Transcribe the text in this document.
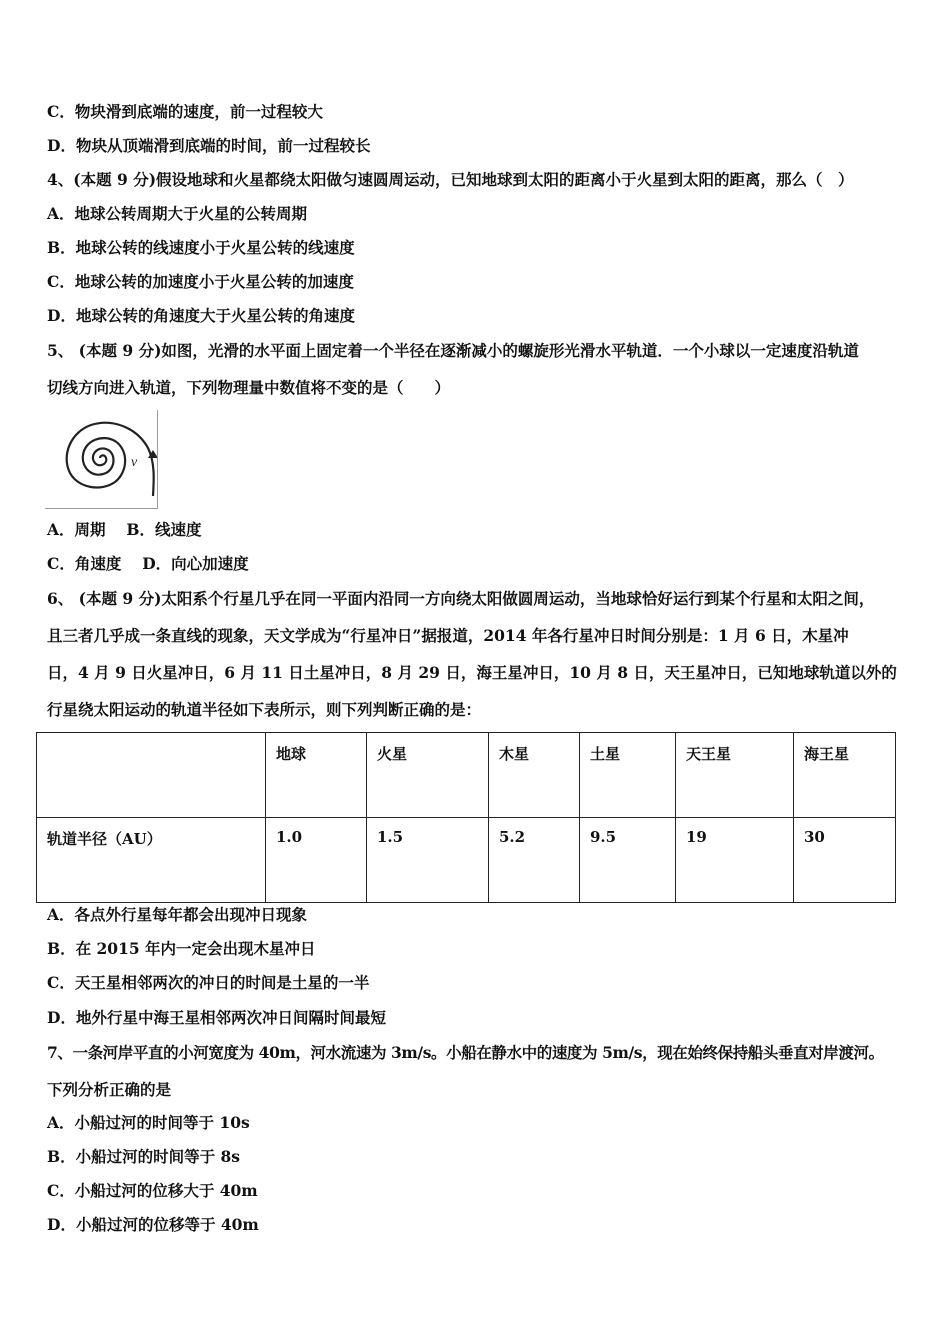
C．物块滑到底端的速度，前一过程较大
D．物块从顶端滑到底端的时间，前一过程较长
4、(本题 9 分)假设地球和火星都绕太阳做匀速圆周运动，已知地球到太阳的距离小于火星到太阳的距离，那么（　）
A．地球公转周期大于火星的公转周期
B．地球公转的线速度小于火星公转的线速度
C．地球公转的加速度小于火星公转的加速度
D．地球公转的角速度大于火星公转的角速度
5、 (本题 9 分)如图，光滑的水平面上固定着一个半径在逐渐减小的螺旋形光滑水平轨道．一个小球以一定速度沿轨道
切线方向进入轨道，下列物理量中数值将不变的是（　　）
v
A．周期　 B．线速度
C．角速度　 D．向心加速度
6、 (本题 9 分)太阳系个行星几乎在同一平面内沿同一方向绕太阳做圆周运动，当地球恰好运行到某个行星和太阳之间，
且三者几乎成一条直线的现象，天文学成为“行星冲日”据报道，2014 年各行星冲日时间分别是：1 月 6 日，木星冲
日，4 月 9 日火星冲日，6 月 11 日土星冲日，8 月 29 日，海王星冲日，10 月 8 日，天王星冲日，已知地球轨道以外的
行星绕太阳运动的轨道半径如下表所示，则下列判断正确的是：
	地球	火星	木星	土星	天王星	海王星
轨道半径（AU）	1.0	1.5	5.2	9.5	19	30
A．各点外行星每年都会出现冲日现象
B．在 2015 年内一定会出现木星冲日
C．天王星相邻两次的冲日的时间是土星的一半
D．地外行星中海王星相邻两次冲日间隔时间最短
7、一条河岸平直的小河宽度为 40m，河水流速为 3m/s。小船在静水中的速度为 5m/s，现在始终保持船头垂直对岸渡河。
下列分析正确的是
A．小船过河的时间等于 10s
B．小船过河的时间等于 8s
C．小船过河的位移大于 40m
D．小船过河的位移等于 40m
